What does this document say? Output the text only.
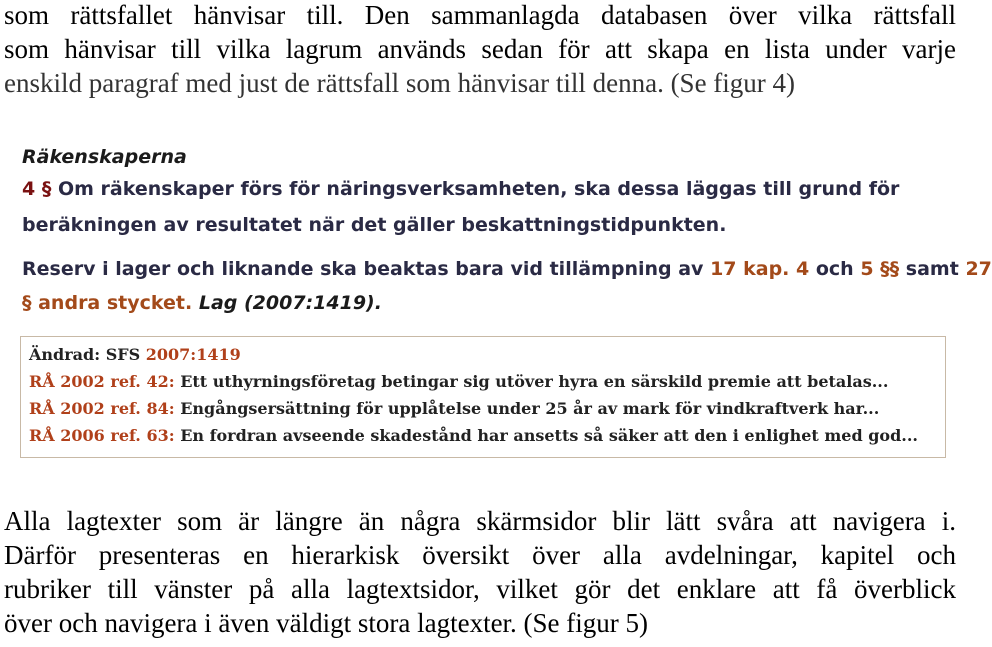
som rättsfallet hänvisar till. Den sammanlagda databasen över vilka rättsfall
som hänvisar till vilka lagrum används sedan för att skapa en lista under varje
enskild paragraf med just de rättsfall som hänvisar till denna. (Se figur 4)
Räkenskaperna
4 § Om räkenskaper förs för näringsverksamheten, ska dessa läggas till grund för
beräkningen av resultatet när det gäller beskattningstidpunkten.
Reserv i lager och liknande ska beaktas bara vid tillämpning av 17 kap. 4 och 5 §§ samt 27
§ andra stycket. Lag (2007:1419).
Ändrad: SFS 2007:1419
RÅ 2002 ref. 42: Ett uthyrningsföretag betingar sig utöver hyra en särskild premie att betalas...
RÅ 2002 ref. 84: Engångsersättning för upplåtelse under 25 år av mark för vindkraftverk har...
RÅ 2006 ref. 63: En fordran avseende skadestånd har ansetts så säker att den i enlighet med god...
Alla lagtexter som är längre än några skärmsidor blir lätt svåra att navigera i.
Därför presenteras en hierarkisk översikt över alla avdelningar, kapitel och
rubriker till vänster på alla lagtextsidor, vilket gör det enklare att få överblick
över och navigera i även väldigt stora lagtexter. (Se figur 5)
